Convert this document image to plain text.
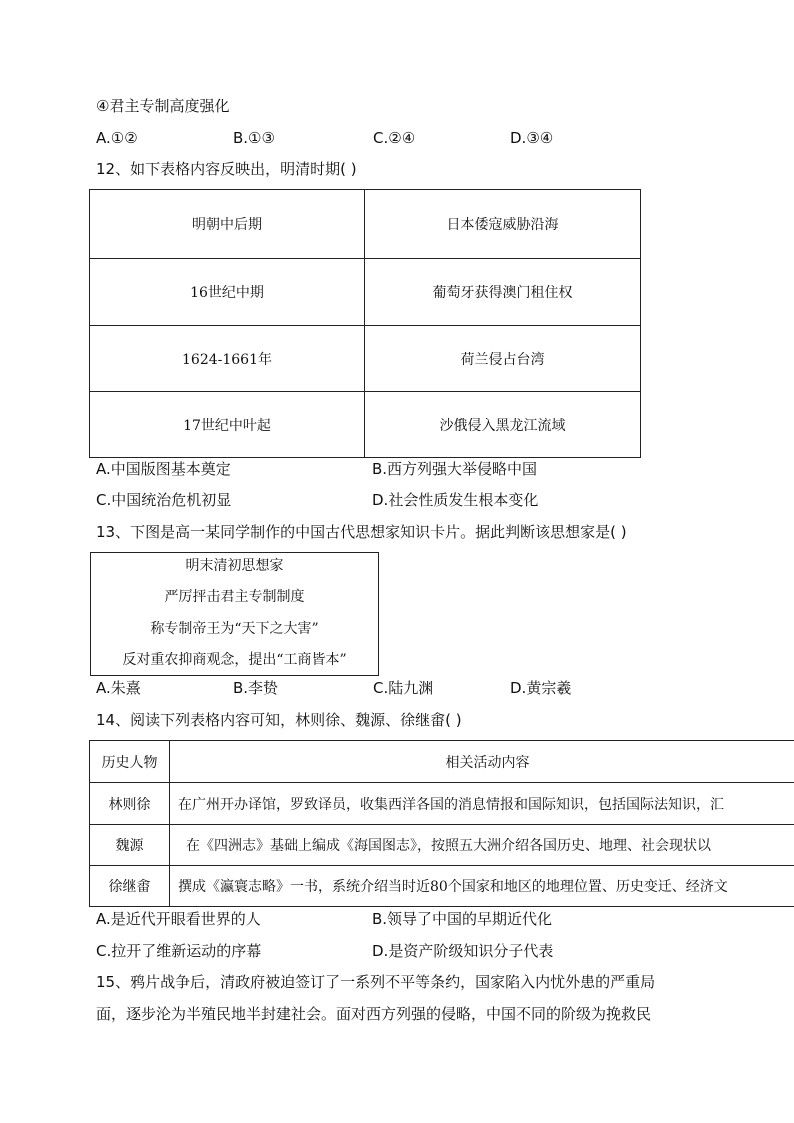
④君主专制高度强化
A.①②	B.①③	C.②④	D.③④
12、如下表格内容反映出，明清时期( )
明朝中后期	日本倭寇威胁沿海
16世纪中期	葡萄牙获得澳门租住权
1624-1661年	荷兰侵占台湾
17世纪中叶起	沙俄侵入黑龙江流域
A.中国版图基本奠定	B.西方列强大举侵略中国
C.中国统治危机初显	D.社会性质发生根本变化
13、下图是高一某同学制作的中国古代思想家知识卡片。据此判断该思想家是( )
明末清初思想家
严厉抨击君主专制制度
称专制帝王为“天下之大害”
反对重农抑商观念，提出“工商皆本”
A.朱熹	B.李贽	C.陆九渊	D.黄宗羲
14、阅读下列表格内容可知，林则徐、魏源、徐继畬( )
历史人物	相关活动内容
林则徐	在广州开办译馆，罗致译员，收集西洋各国的消息情报和国际知识，包括国际法知识，汇
魏源	在《四洲志》基础上编成《海国图志》，按照五大洲介绍各国历史、地理、社会现状以
徐继畬	撰成《瀛寰志略》一书，系统介绍当时近80个国家和地区的地理位置、历史变迁、经济文
A.是近代开眼看世界的人	B.领导了中国的早期近代化
C.拉开了维新运动的序幕	D.是资产阶级知识分子代表
15、鸦片战争后，清政府被迫签订了一系列不平等条约，国家陷入内忧外患的严重局
面，逐步沦为半殖民地半封建社会。面对西方列强的侵略，中国不同的阶级为挽救民
